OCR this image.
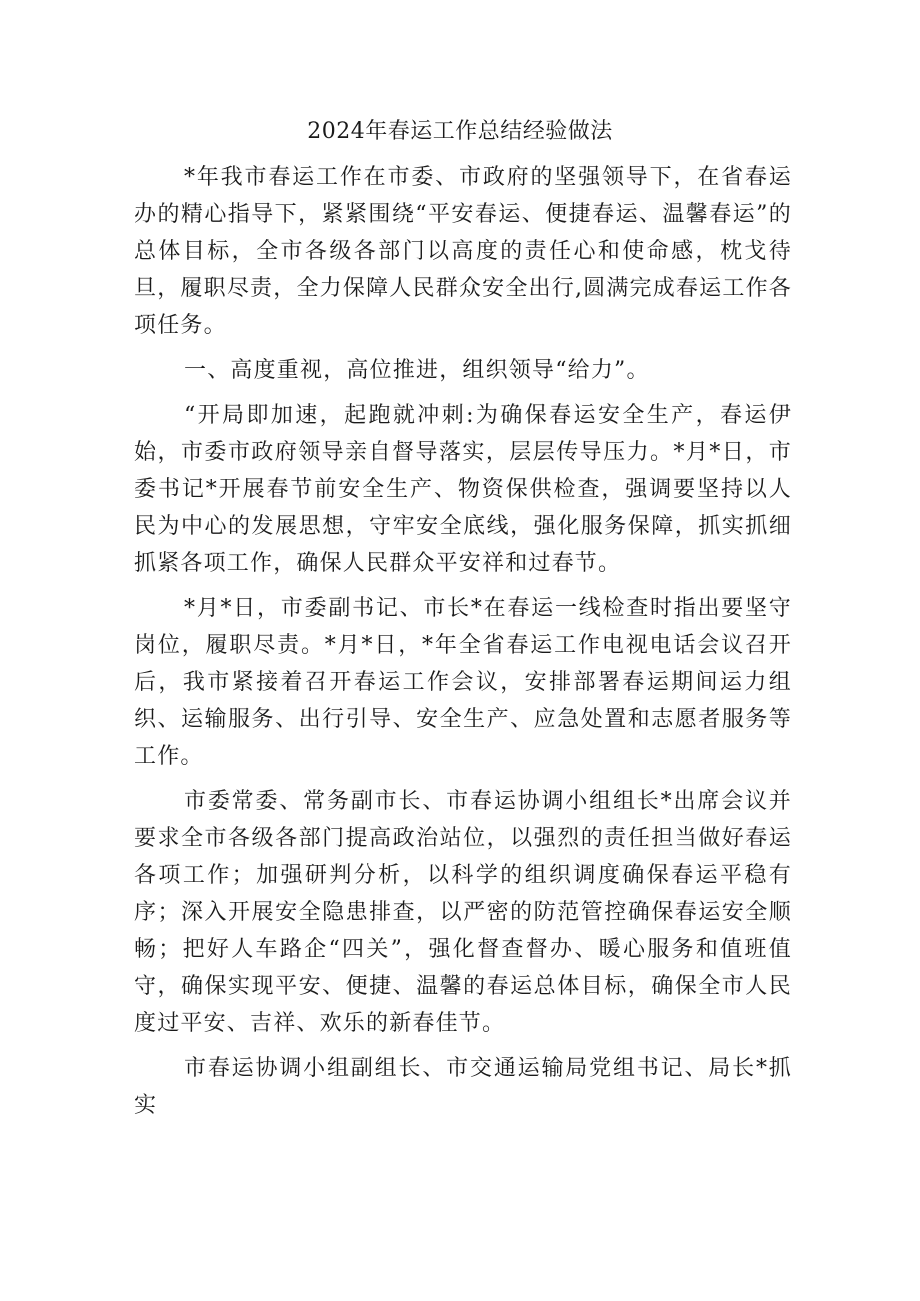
2024年春运工作总结经验做法

*年我市春运工作在市委、市政府的坚强领导下，在省春运办的精心指导下，紧紧围绕“平安春运、便捷春运、温馨春运”的总体目标，全市各级各部门以高度的责任心和使命感，枕戈待旦，履职尽责，全力保障人民群众安全出行,圆满完成春运工作各项任务。

一、高度重视，高位推进，组织领导“给力”。

“开局即加速，起跑就冲刺:为确保春运安全生产，春运伊始，市委市政府领导亲自督导落实，层层传导压力。*月*日，市委书记*开展春节前安全生产、物资保供检查，强调要坚持以人民为中心的发展思想，守牢安全底线，强化服务保障，抓实抓细抓紧各项工作，确保人民群众平安祥和过春节。

*月*日，市委副书记、市长*在春运一线检查时指出要坚守岗位，履职尽责。*月*日，*年全省春运工作电视电话会议召开后，我市紧接着召开春运工作会议，安排部署春运期间运力组织、运输服务、出行引导、安全生产、应急处置和志愿者服务等工作。

市委常委、常务副市长、市春运协调小组组长*出席会议并要求全市各级各部门提高政治站位，以强烈的责任担当做好春运各项工作；加强研判分析，以科学的组织调度确保春运平稳有序；深入开展安全隐患排查，以严密的防范管控确保春运安全顺畅；把好人车路企“四关”，强化督查督办、暖心服务和值班值守，确保实现平安、便捷、温馨的春运总体目标，确保全市人民度过平安、吉祥、欢乐的新春佳节。

市春运协调小组副组长、市交通运输局党组书记、局长*抓实
